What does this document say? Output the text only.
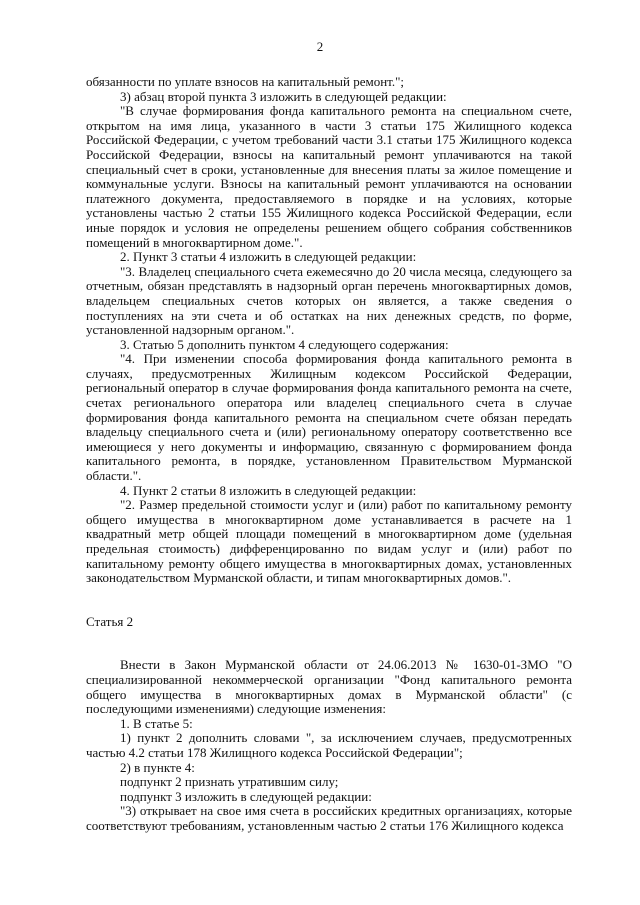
2

обязанности по уплате взносов на капитальный ремонт.";

3) абзац второй пункта 3 изложить в следующей редакции:

"В случае формирования фонда капитального ремонта на специальном счете, открытом на имя лица, указанного в части 3 статьи 175 Жилищного кодекса Российской Федерации, с учетом требований части 3.1 статьи 175 Жилищного кодекса Российской Федерации, взносы на капитальный ремонт уплачиваются на такой специальный счет в сроки, установленные для внесения платы за жилое помещение и коммунальные услуги. Взносы на капитальный ремонт уплачиваются на основании платежного документа, предоставляемого в порядке и на условиях, которые установлены частью 2 статьи 155 Жилищного кодекса Российской Федерации, если иные порядок и условия не определены решением общего собрания собственников помещений в многоквартирном доме.".

2. Пункт 3 статьи 4 изложить в следующей редакции:

"3. Владелец специального счета ежемесячно до 20 числа месяца, следующего за отчетным, обязан представлять в надзорный орган перечень многоквартирных домов, владельцем специальных счетов которых он является, а также сведения о поступлениях на эти счета и об остатках на них денежных средств, по форме, установленной надзорным органом.".

3. Статью 5 дополнить пунктом 4 следующего содержания:

"4. При изменении способа формирования фонда капитального ремонта в случаях, предусмотренных Жилищным кодексом Российской Федерации, региональный оператор в случае формирования фонда капитального ремонта на счете, счетах регионального оператора или владелец специального счета в случае формирования фонда капитального ремонта на специальном счете обязан передать владельцу специального счета и (или) региональному оператору соответственно все имеющиеся у него документы и информацию, связанную с формированием фонда капитального ремонта, в порядке, установленном Правительством Мурманской области.".

4. Пункт 2 статьи 8 изложить в следующей редакции:

"2. Размер предельной стоимости услуг и (или) работ по капитальному ремонту общего имущества в многоквартирном доме устанавливается в расчете на 1 квадратный метр общей площади помещений в многоквартирном доме (удельная предельная стоимость) дифференцированно по видам услуг и (или) работ по капитальному ремонту общего имущества в многоквартирных домах, установленных законодательством Мурманской области, и типам многоквартирных домов.".

Статья 2

Внести в Закон Мурманской области от 24.06.2013 № 1630-01-ЗМО "О специализированной некоммерческой организации "Фонд капитального ремонта общего имущества в многоквартирных домах в Мурманской области" (с последующими изменениями) следующие изменения:

1. В статье 5:

1) пункт 2 дополнить словами ", за исключением случаев, предусмотренных частью 4.2 статьи 178 Жилищного кодекса Российской Федерации";

2) в пункте 4:

подпункт 2 признать утратившим силу;

подпункт 3 изложить в следующей редакции:

"3) открывает на свое имя счета в российских кредитных организациях, которые соответствуют требованиям, установленным частью 2 статьи 176 Жилищного кодекса
